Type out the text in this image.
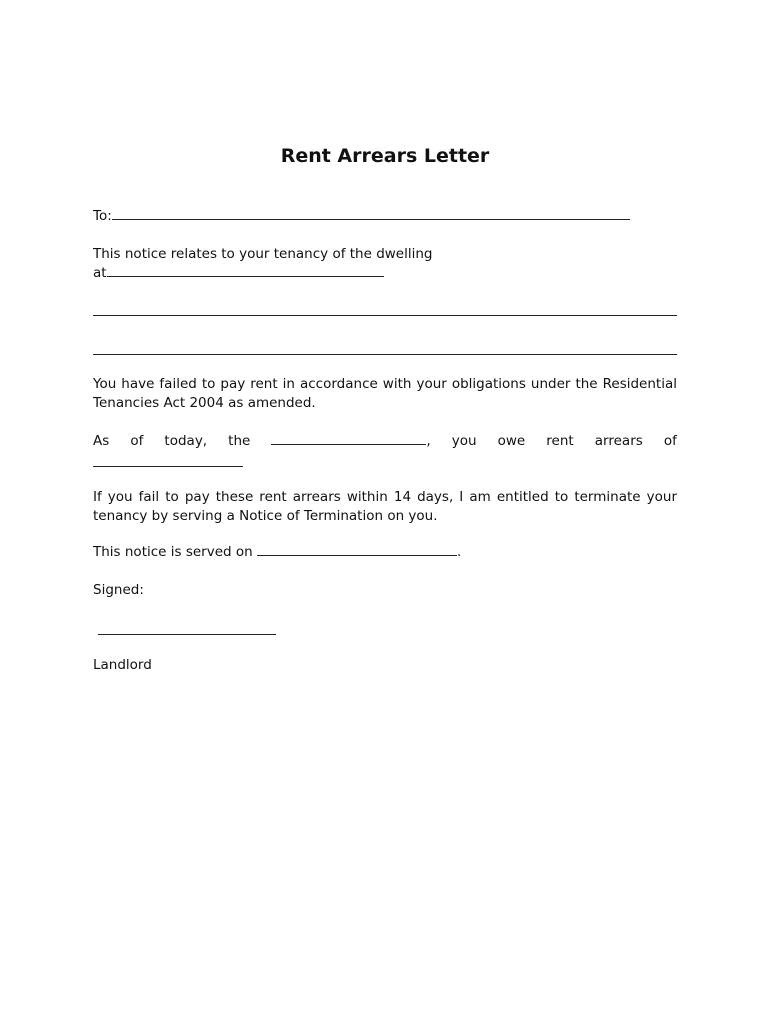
Rent Arrears Letter

To:

This notice relates to your tenancy of the dwelling

at

You have failed to pay rent in accordance with your obligations under the Residential Tenancies Act 2004 as amended.

As of today, the	, you owe rent arrears of

If you fail to pay these rent arrears within 14 days, I am entitled to terminate your tenancy by serving a Notice of Termination on you.

This notice is served on	.

Signed:

Landlord
